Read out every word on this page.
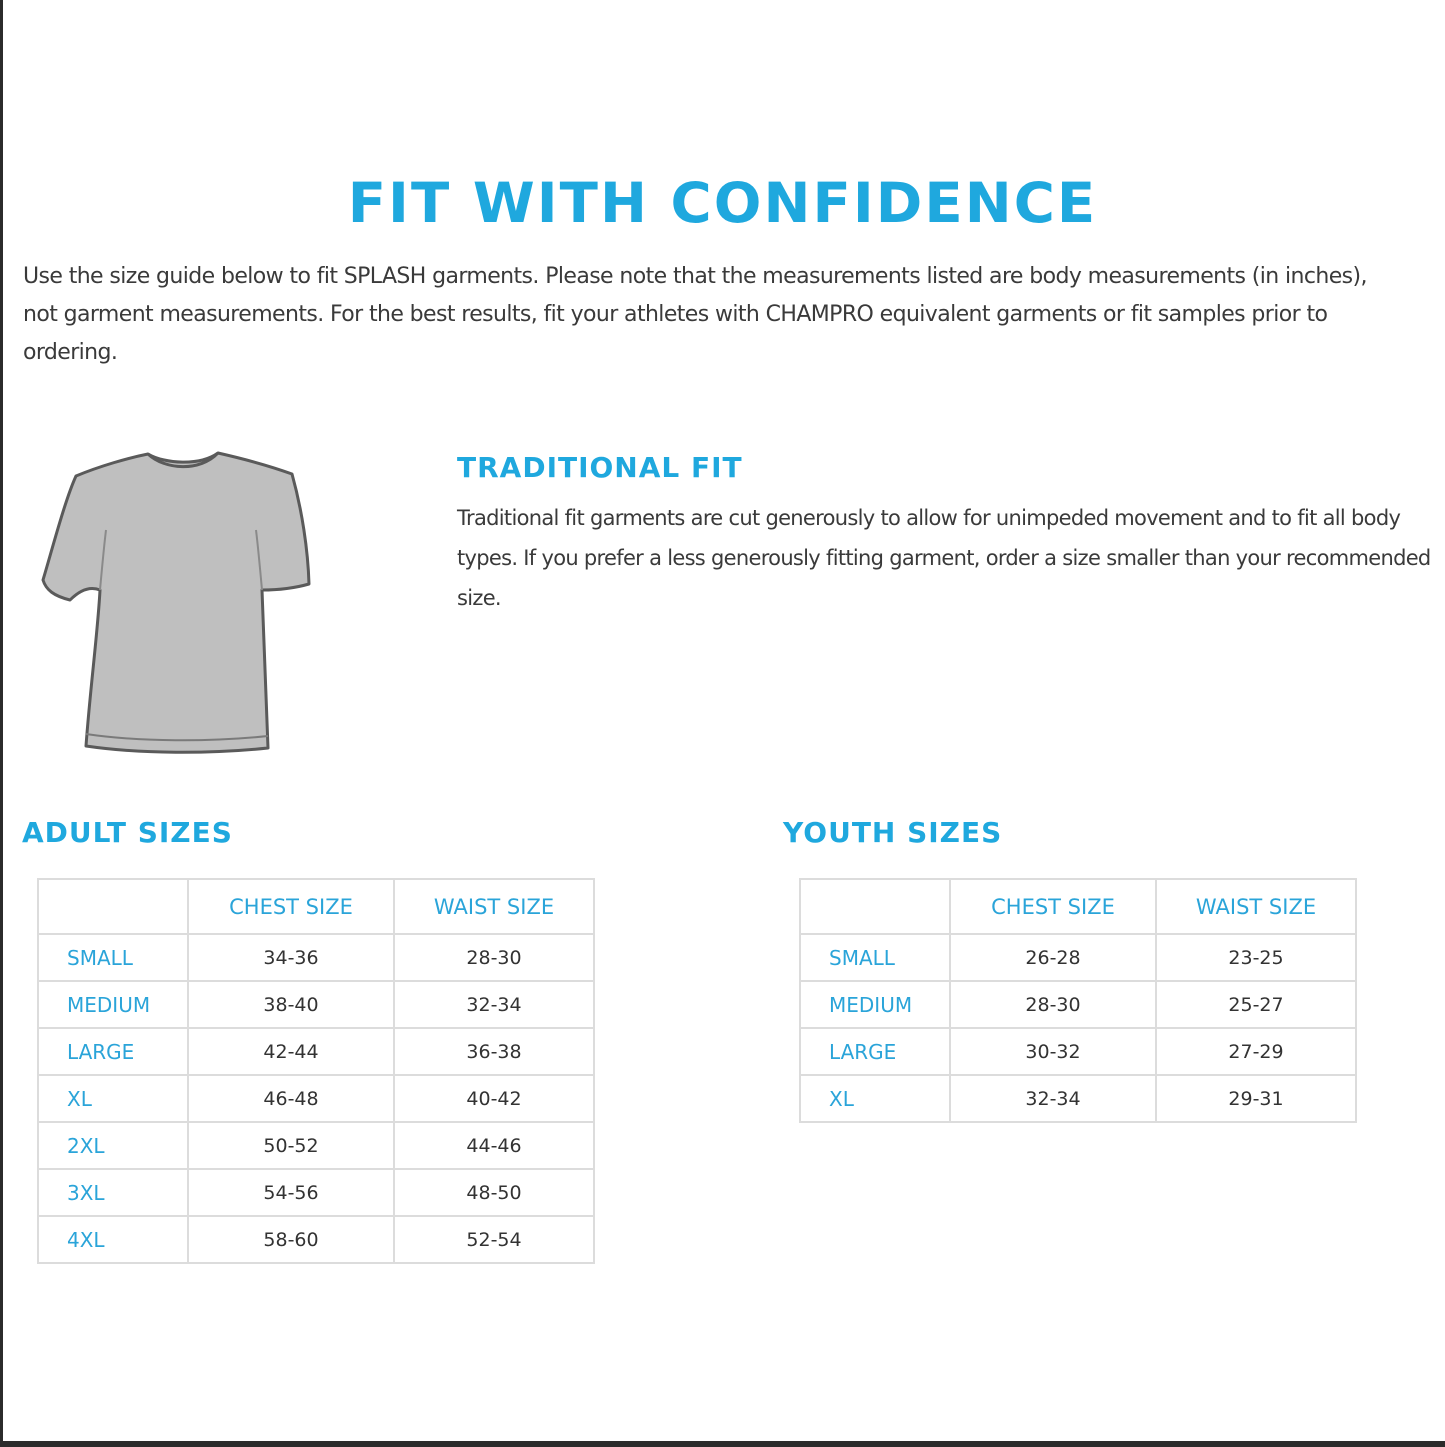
FIT WITH CONFIDENCE

Use the size guide below to fit SPLASH garments. Please note that the measurements listed are body measurements (in inches), not garment measurements. For the best results, fit your athletes with CHAMPRO equivalent garments or fit samples prior to ordering.

TRADITIONAL FIT

Traditional fit garments are cut generously to allow for unimpeded movement and to fit all body types. If you prefer a less generously fitting garment, order a size smaller than your recommended size.

ADULT SIZES
	CHEST SIZE	WAIST SIZE
SMALL	34-36	28-30
MEDIUM	38-40	32-34
LARGE	42-44	36-38
XL	46-48	40-42
2XL	50-52	44-46
3XL	54-56	48-50
4XL	58-60	52-54
YOUTH SIZES
	CHEST SIZE	WAIST SIZE
SMALL	26-28	23-25
MEDIUM	28-30	25-27
LARGE	30-32	27-29
XL	32-34	29-31
